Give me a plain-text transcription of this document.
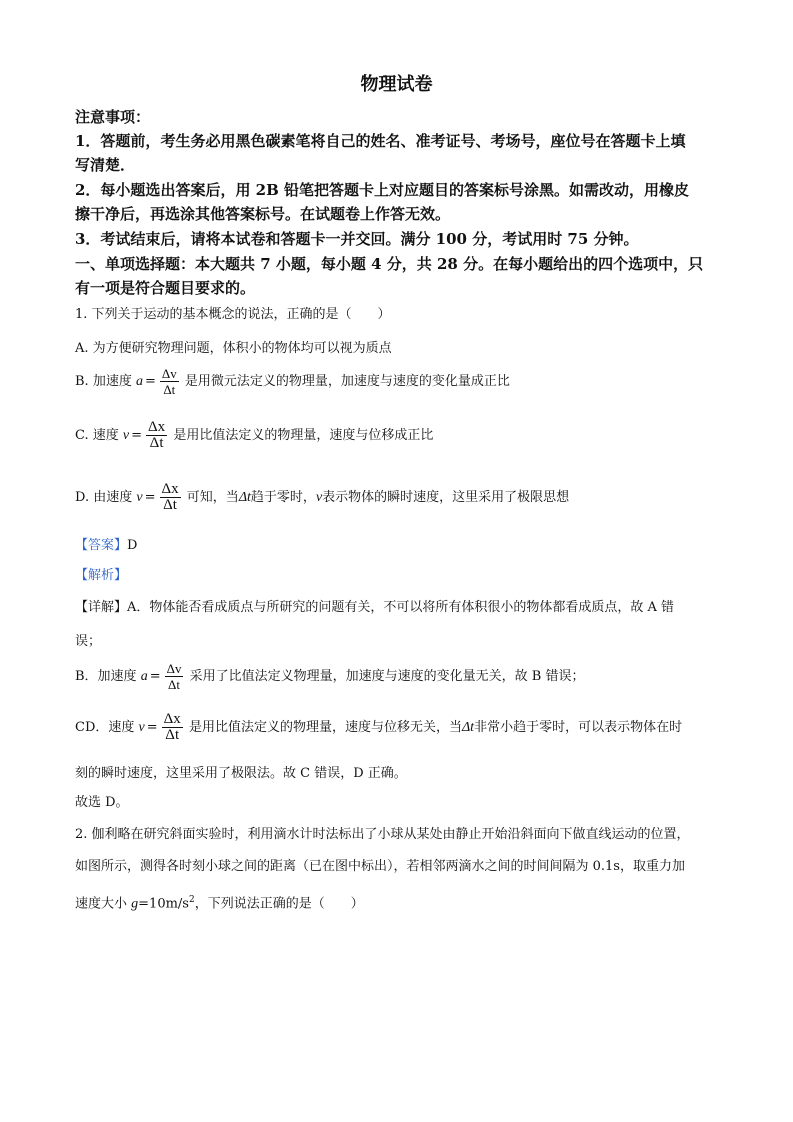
物理试卷
注意事项：
1．答题前，考生务必用黑色碳素笔将自己的姓名、准考证号、考场号，座位号在答题卡上填
写清楚．
2．每小题选出答案后，用 2B 铅笔把答题卡上对应题目的答案标号涂黑。如需改动，用橡皮
擦干净后，再选涂其他答案标号。在试题卷上作答无效。
3．考试结束后，请将本试卷和答题卡一并交回。满分 100 分，考试用时 75 分钟。
一、单项选择题：本大题共 7 小题，每小题 4 分，共 28 分。在每小题给出的四个选项中，只
有一项是符合题目要求的。
1. 下列关于运动的基本概念的说法，正确的是（　　）
A. 为方便研究物理问题，体积小的物体均可以视为质点
B. 加速度 $a = \frac{\Delta v}{\Delta t}$ 是用微元法定义的物理量，加速度与速度的变化量成正比
C. 速度 $v = \frac{\Delta x}{\Delta t}$ 是用比值法定义的物理量，速度与位移成正比
D. 由速度 $v = \frac{\Delta x}{\Delta t}$ 可知，当Δt趋于零时，v表示物体的瞬时速度，这里采用了极限思想
【答案】D
【解析】
【详解】A．物体能否看成质点与所研究的问题有关，不可以将所有体积很小的物体都看成质点，故 A 错
误；
B．加速度 $a = \frac{\Delta v}{\Delta t}$ 采用了比值法定义物理量，加速度与速度的变化量无关，故 B 错误；
CD．速度 $v = \frac{\Delta x}{\Delta t}$ 是用比值法定义的物理量，速度与位移无关，当Δt非常小趋于零时，可以表示物体在时
刻的瞬时速度，这里采用了极限法。故 C 错误，D 正确。
故选 D。
2. 伽利略在研究斜面实验时，利用滴水计时法标出了小球从某处由静止开始沿斜面向下做直线运动的位置，
如图所示，测得各时刻小球之间的距离（已在图中标出），若相邻两滴水之间的时间间隔为 0.1s，取重力加
速度大小 $g=10m/s^2$，下列说法正确的是（　　）
